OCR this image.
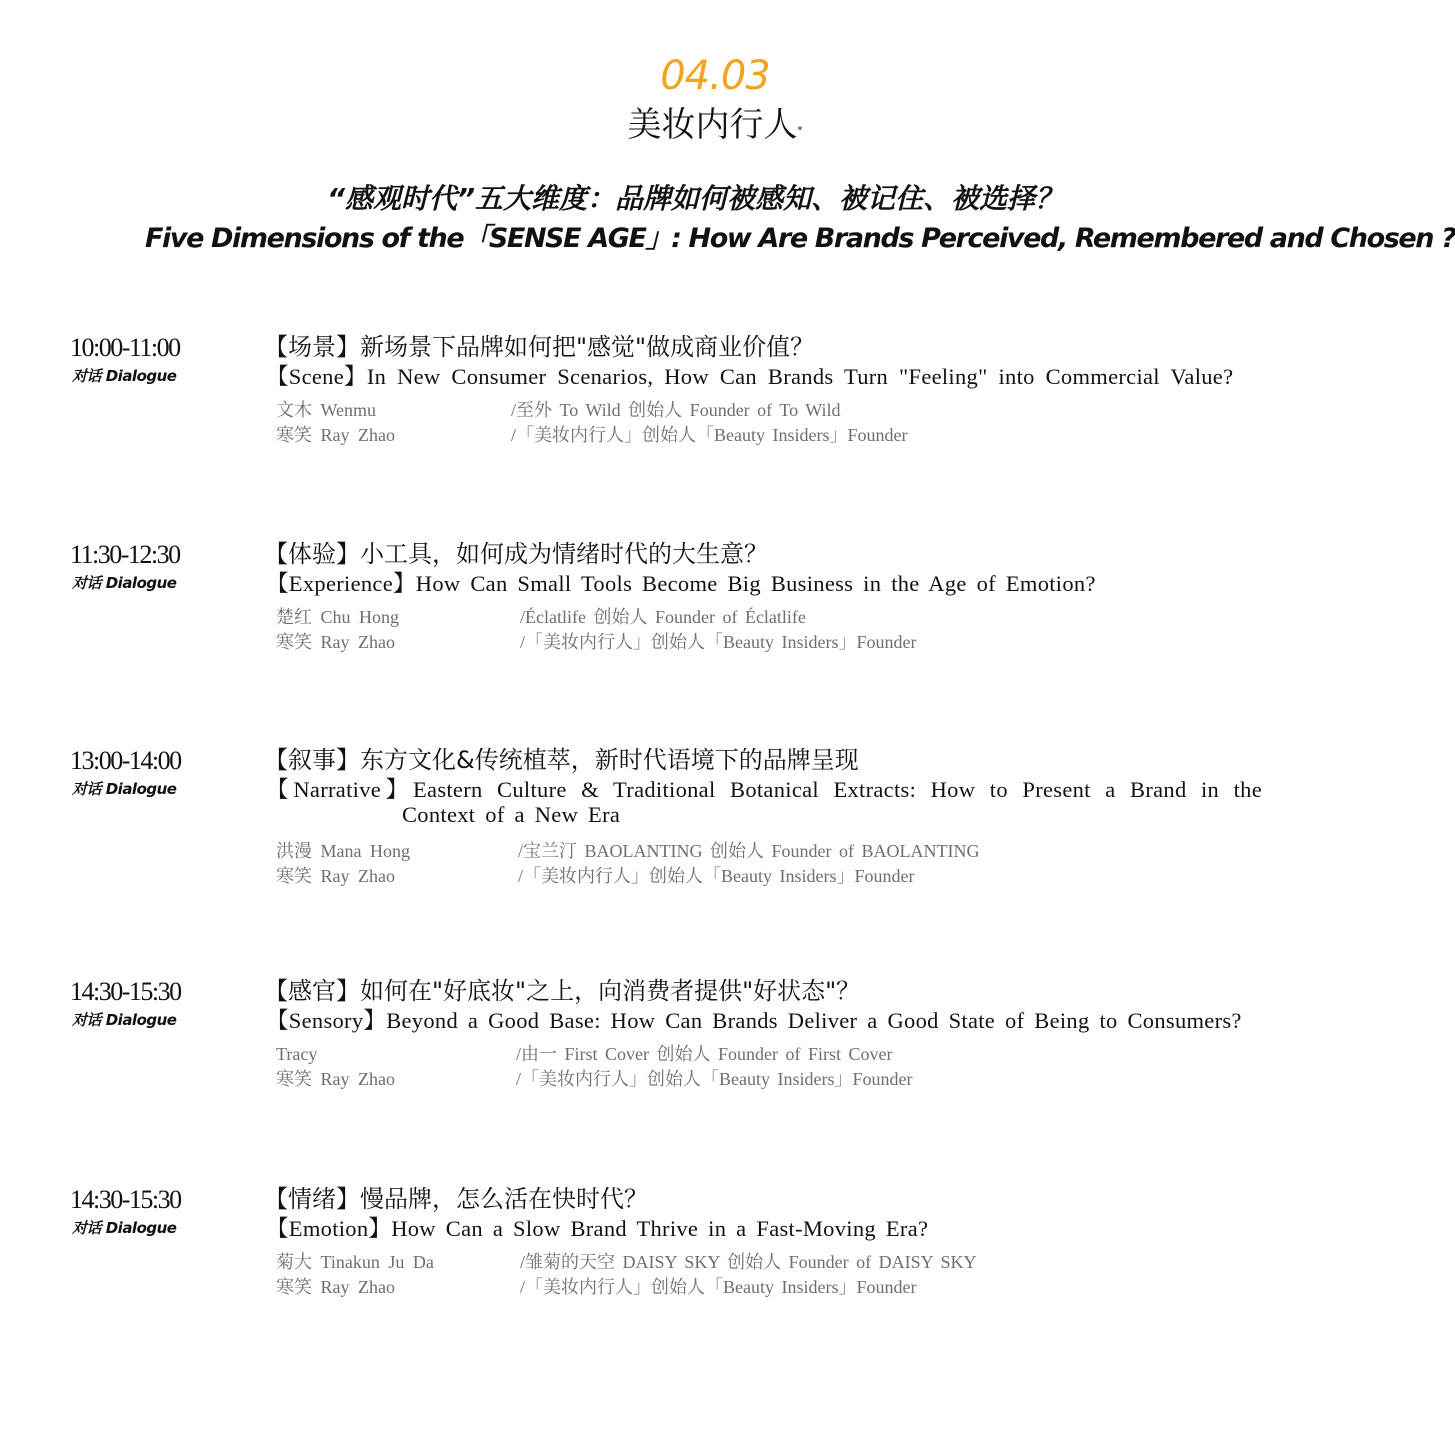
04.03
美妆内行人*
“感观时代”五大维度：品牌如何被感知、被记住、被选择？
Five Dimensions of the「SENSE AGE」: How Are Brands Perceived, Remembered and Chosen ?
10:00-11:00
对话 Dialogue
【场景】新场景下品牌如何把"感觉"做成商业价值？
【Scene】In New Consumer Scenarios, How Can Brands Turn "Feeling" into Commercial Value?
文木 Wenmu	/至外 To Wild 创始人 Founder of To Wild
寒笑 Ray Zhao	/「美妆内行人」创始人「Beauty Insiders」Founder
11:30-12:30
对话 Dialogue
【体验】小工具，如何成为情绪时代的大生意？
【Experience】How Can Small Tools Become Big Business in the Age of Emotion?
楚红 Chu Hong	/Éclatlife 创始人 Founder of Éclatlife
寒笑 Ray Zhao	/「美妆内行人」创始人「Beauty Insiders」Founder
13:00-14:00
对话 Dialogue
【叙事】东方文化&传统植萃，新时代语境下的品牌呈现
【Narrative】Eastern Culture & Traditional Botanical Extracts: How to Present a Brand in the Context of a New Era
洪漫 Mana Hong	/宝兰汀 BAOLANTING 创始人 Founder of BAOLANTING
寒笑 Ray Zhao	/「美妆内行人」创始人「Beauty Insiders」Founder
14:30-15:30
对话 Dialogue
【感官】如何在"好底妆"之上，向消费者提供"好状态"？
【Sensory】Beyond a Good Base: How Can Brands Deliver a Good State of Being to Consumers?
Tracy	/由一 First Cover 创始人 Founder of First Cover
寒笑 Ray Zhao	/「美妆内行人」创始人「Beauty Insiders」Founder
14:30-15:30
对话 Dialogue
【情绪】慢品牌，怎么活在快时代？
【Emotion】How Can a Slow Brand Thrive in a Fast-Moving Era?
菊大 Tinakun Ju Da	/雏菊的天空 DAISY SKY 创始人 Founder of DAISY SKY
寒笑 Ray Zhao	/「美妆内行人」创始人「Beauty Insiders」Founder
